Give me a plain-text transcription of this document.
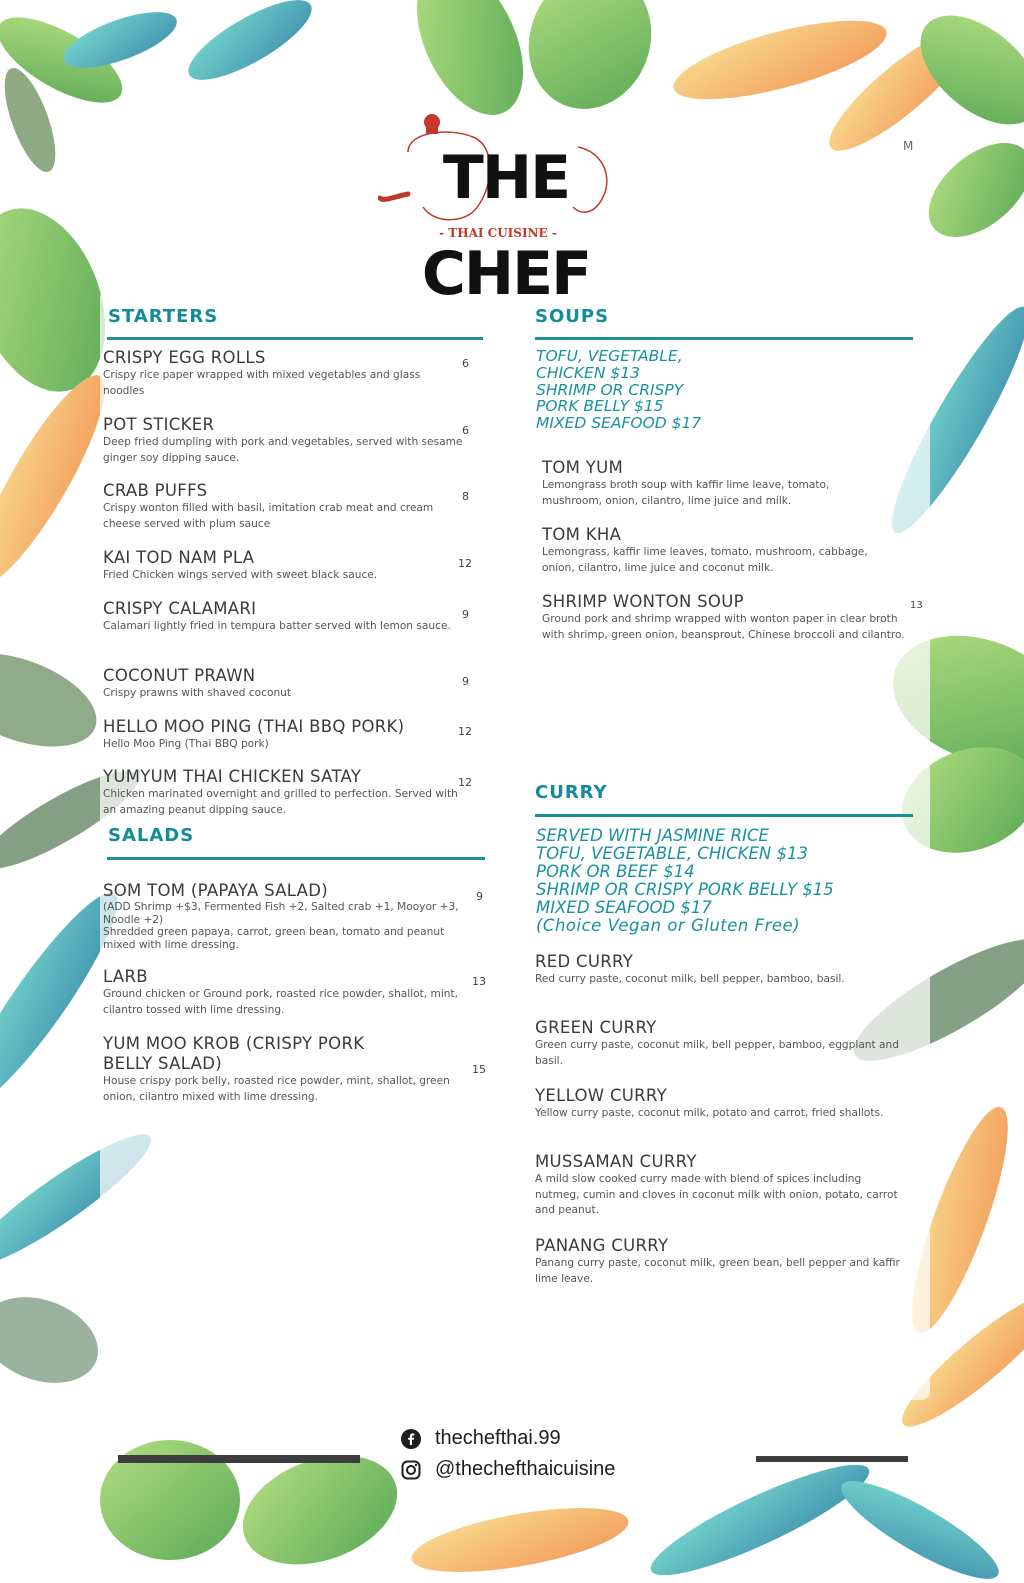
THE CHEF
- THAI CUISINE -
M
STARTERS
CRISPY EGG ROLLS
Crispy rice paper wrapped with mixed vegetables and glass noodles
6
POT STICKER
Deep fried dumpling with pork and vegetables, served with sesame ginger soy dipping sauce.
6
CRAB PUFFS
Crispy wonton filled with basil, imitation crab meat and cream cheese served with plum sauce
8
KAI TOD NAM PLA
Fried Chicken wings served with sweet black sauce.
12
CRISPY CALAMARI
Calamari lightly fried in tempura batter served with lemon sauce.
9
COCONUT PRAWN
Crispy prawns with shaved coconut
9
HELLO MOO PING (THAI BBQ PORK)
Hello Moo Ping (Thai BBQ pork)
12
YUMYUM THAI CHICKEN SATAY
Chicken marinated overnight and grilled to perfection. Served with an amazing peanut dipping sauce.
12
SALADS
SOM TOM (PAPAYA SALAD)
(ADD Shrimp +$3, Fermented Fish +2, Salted crab +1, Mooyor +3, Noodle +2)
Shredded green papaya, carrot, green bean, tomato and peanut mixed with lime dressing.
9
LARB
Ground chicken or Ground pork, roasted rice powder, shallot, mint, cilantro tossed with lime dressing.
13
YUM MOO KROB (CRISPY PORK BELLY SALAD)
House crispy pork belly, roasted rice powder, mint, shallot, green onion, cilantro mixed with lime dressing.
15
SOUPS
TOFU, VEGETABLE,
CHICKEN $13
SHRIMP OR CRISPY
PORK BELLY $15
MIXED SEAFOOD $17
TOM YUM
Lemongrass broth soup with kaffir lime leave, tomato, mushroom, onion, cilantro, lime juice and milk.
TOM KHA
Lemongrass, kaffir lime leaves, tomato, mushroom, cabbage, onion, cilantro, lime juice and coconut milk.
SHRIMP WONTON SOUP
Ground pork and shrimp wrapped with wonton paper in clear broth with shrimp, green onion, beansprout, Chinese broccoli and cilantro.
13
CURRY
SERVED WITH JASMINE RICE
TOFU, VEGETABLE, CHICKEN $13
PORK OR BEEF $14
SHRIMP OR CRISPY PORK BELLY $15
MIXED SEAFOOD $17
(Choice Vegan or Gluten Free)
RED CURRY
Red curry paste, coconut milk, bell pepper, bamboo, basil.
GREEN CURRY
Green curry paste, coconut milk, bell pepper, bamboo, eggplant and basil.
YELLOW CURRY
Yellow curry paste, coconut milk, potato and carrot, fried shallots.
MUSSAMAN CURRY
A mild slow cooked curry made with blend of spices including nutmeg, cumin and cloves in coconut milk with onion, potato, carrot and peanut.
PANANG CURRY
Panang curry paste, coconut milk, green bean, bell pepper and kaffir lime leave.
thechefthai.99
@thechefthaicuisine
